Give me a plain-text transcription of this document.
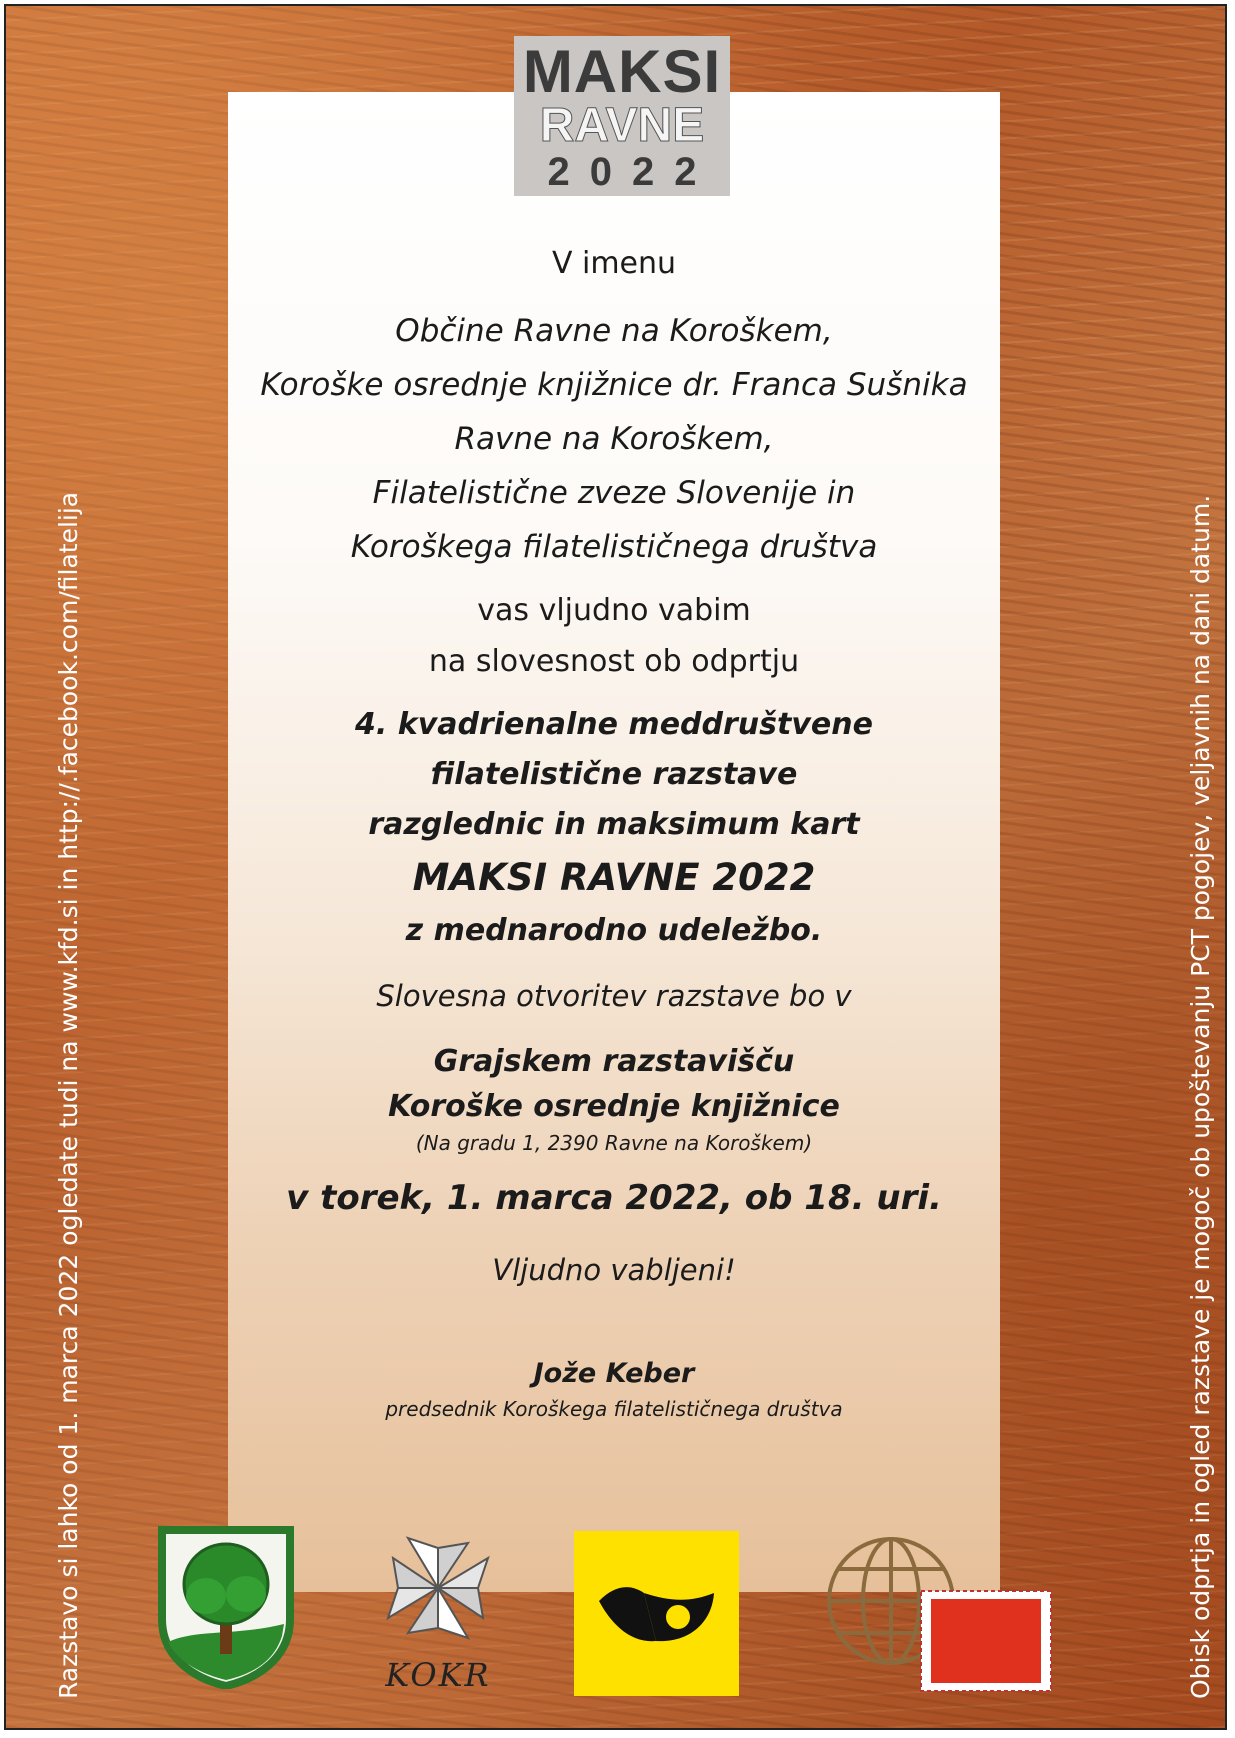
MAKSI
RAVNE
2022
V imenu
Občine Ravne na Koroškem,
Koroške osrednje knjižnice dr. Franca Sušnika
Ravne na Koroškem,
Filatelistične zveze Slovenije in
Koroškega filatelističnega društva
vas vljudno vabim
na slovesnost ob odprtju
4. kvadrienalne meddruštvene
filatelistične razstave
razglednic in maksimum kart
MAKSI RAVNE 2022
z mednarodno udeležbo.
Slovesna otvoritev razstave bo v
Grajskem razstavišču
Koroške osrednje knjižnice
(Na gradu 1, 2390 Ravne na Koroškem)
v torek, 1. marca 2022, ob 18. uri.
Vljudno vabljeni!
Jože Keber
predsednik Koroškega filatelističnega društva
Razstavo si lahko od 1. marca 2022 ogledate tudi na www.kfd.si in http://.facebook.com/filatelija	Obisk odprtja in ogled razstave je mogoč ob upoštevanju PCT pogojev, veljavnih na dani datum.
KOKR
